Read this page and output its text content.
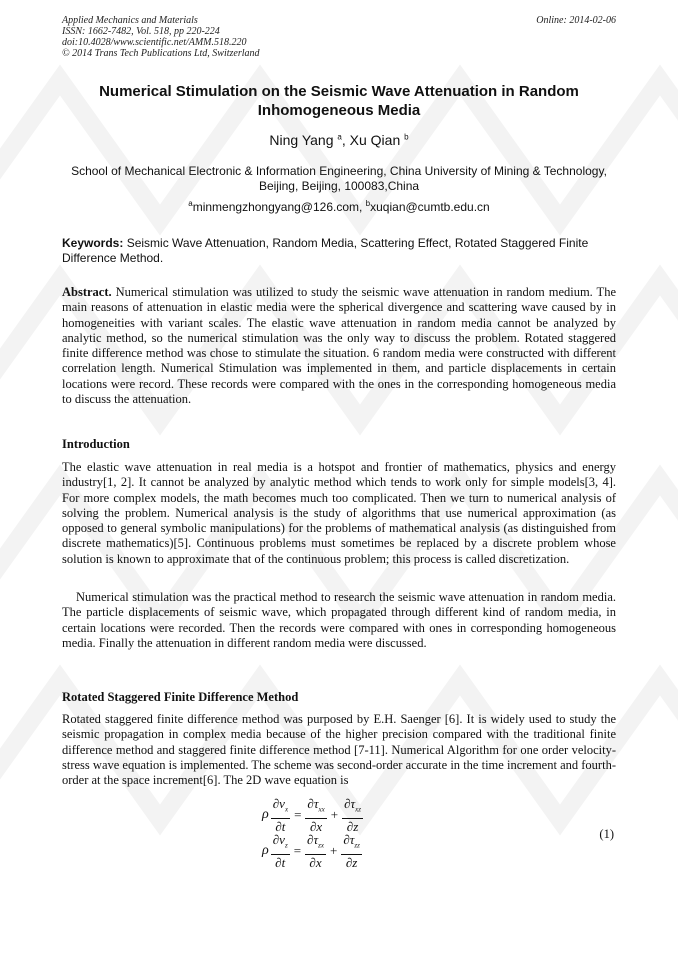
Applied Mechanics and Materials
ISSN: 1662-7482, Vol. 518, pp 220-224
doi:10.4028/www.scientific.net/AMM.518.220
© 2014 Trans Tech Publications Ltd, Switzerland
Online: 2014-02-06
Numerical Stimulation on the Seismic Wave Attenuation in Random Inhomogeneous Media
Ning Yang $^a$, Xu Qian $^b$
School of Mechanical Electronic & Information Engineering, China University of Mining & Technology, Beijing, Beijing, 100083,China
$^a$minmengzhongyang@126.com, $^b$xuqian@cumtb.edu.cn
Keywords: Seismic Wave Attenuation, Random Media, Scattering Effect, Rotated Staggered Finite Difference Method.
Abstract. Numerical stimulation was utilized to study the seismic wave attenuation in random medium. The main reasons of attenuation in elastic media were the spherical divergence and scattering wave caused by in homogeneities with variant scales. The elastic wave attenuation in random media cannot be analyzed by analytic method, so the numerical stimulation was the only way to discuss the problem. Rotated staggered finite difference method was chose to stimulate the situation. 6 random media were constructed with different correlation length. Numerical Stimulation was implemented in them, and particle displacements in certain locations were record. These records were compared with the ones in the corresponding homogeneous media to discuss the attenuation.
Introduction
The elastic wave attenuation in real media is a hotspot and frontier of mathematics, physics and energy industry[1, 2]. It cannot be analyzed by analytic method which tends to work only for simple models[3, 4]. For more complex models, the math becomes much too complicated. Then we turn to numerical analysis of solving the problem. Numerical analysis is the study of algorithms that use numerical approximation (as opposed to general symbolic manipulations) for the problems of mathematical analysis (as distinguished from discrete mathematics)[5]. Continuous problems must sometimes be replaced by a discrete problem whose solution is known to approximate that of the continuous problem; this process is called discretization.
Numerical stimulation was the practical method to research the seismic wave attenuation in random media. The particle displacements of seismic wave, which propagated through different kind of random media, in certain locations were recorded. Then the records were compared with ones in corresponding homogeneous media. Finally the attenuation in different random media were discussed.
Rotated Staggered Finite Difference Method
Rotated staggered finite difference method was purposed by E.H. Saenger [6]. It is widely used to study the seismic propagation in complex media because of the higher precision compared with the traditional finite difference method and staggered finite difference method [7-11]. Numerical Algorithm for one order velocity-stress wave equation is implemented. The scheme was second-order accurate in the time increment and fourth-order at the space increment[6]. The 2D wave equation is
ρ $\frac{\partial v_x}{\partial t} = \frac{\partial\tau_{xx}}{\partial x} + \frac{\partial\tau_{xz}}{\partial z}$
ρ $\frac{\partial v_z}{\partial t} = \frac{\partial\tau_{zx}}{\partial x} + \frac{\partial\tau_{zz}}{\partial z}$	(1)
